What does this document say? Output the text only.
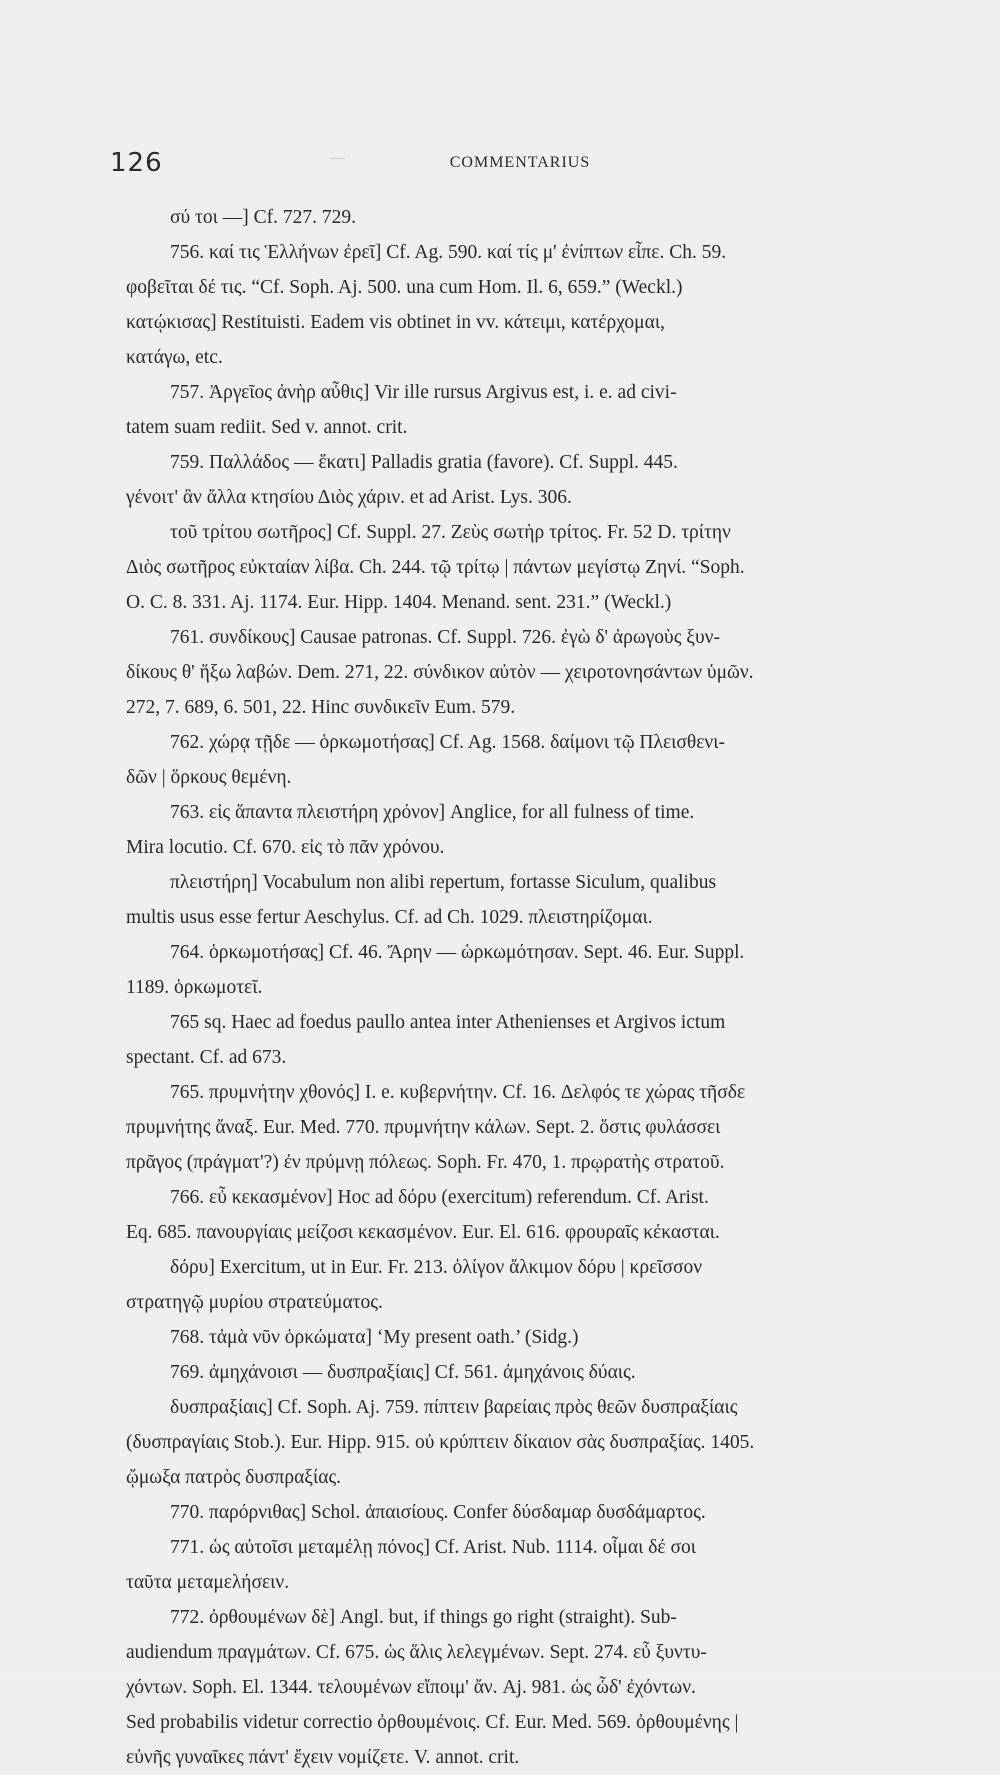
—
126	COMMENTARIUS
σύ τοι —] Cf. 727. 729.
756. καί τις Ἑλλήνων ἐρεῖ] Cf. Ag. 590. καί τίς μ' ἐνίπτων εἶπε. Ch. 59.
φοβεῖται δέ τις. “Cf. Soph. Aj. 500. una cum Hom. Il. 6, 659.” (Weckl.)
κατῴκισας] Restituisti. Eadem vis obtinet in vv. κάτειμι, κατέρχομαι,
κατάγω, etc.
757. Ἀργεῖος ἀνὴρ αὖθις] Vir ille rursus Argivus est, i. e. ad civi-
tatem suam rediit. Sed v. annot. crit.
759. Παλλάδος — ἕκατι] Palladis gratia (favore). Cf. Suppl. 445.
γένοιτ' ἂν ἄλλα κτησίου Διὸς χάριν. et ad Arist. Lys. 306.
τοῦ τρίτου σωτῆρος] Cf. Suppl. 27. Ζεὺς σωτὴρ τρίτος. Fr. 52 D. τρίτην
Διὸς σωτῆρος εὐκταίαν λίβα. Ch. 244. τῷ τρίτῳ | πάντων μεγίστῳ Ζηνί. “Soph.
O. C. 8. 331. Aj. 1174. Eur. Hipp. 1404. Menand. sent. 231.” (Weckl.)
761. συνδίκους] Causae patronas. Cf. Suppl. 726. ἐγὼ δ' ἀρωγοὺς ξυν-
δίκους θ' ἥξω λαβών. Dem. 271, 22. σύνδικον αὐτὸν — χειροτονησάντων ὑμῶν.
272, 7. 689, 6. 501, 22. Hinc συνδικεῖν Eum. 579.
762. χώρᾳ τῇδε — ὁρκωμοτήσας] Cf. Ag. 1568. δαίμονι τῷ Πλεισθενι-
δῶν | ὅρκους θεμένη.
763. εἰς ἅπαντα πλειστήρη χρόνον] Anglice, for all fulness of time.
Mira locutio. Cf. 670. εἰς τὸ πᾶν χρόνου.
πλειστήρη] Vocabulum non alibi repertum, fortasse Siculum, qualibus
multis usus esse fertur Aeschylus. Cf. ad Ch. 1029. πλειστηρίζομαι.
764. ὁρκωμοτήσας] Cf. 46. Ἄρην — ὡρκωμότησαν. Sept. 46. Eur. Suppl.
1189. ὁρκωμοτεῖ.
765 sq. Haec ad foedus paullo antea inter Athenienses et Argivos ictum
spectant. Cf. ad 673.
765. πρυμνήτην χθονός] I. e. κυβερνήτην. Cf. 16. Δελφός τε χώρας τῆσδε
πρυμνήτης ἄναξ. Eur. Med. 770. πρυμνήτην κάλων. Sept. 2. ὅστις φυλάσσει
πρᾶγος (πράγματ'?) ἐν πρύμνῃ πόλεως. Soph. Fr. 470, 1. πρῳρατὴς στρατοῦ.
766. εὖ κεκασμένον] Hoc ad δόρυ (exercitum) referendum. Cf. Arist.
Eq. 685. πανουργίαις μείζοσι κεκασμένον. Eur. El. 616. φρουραῖς κέκασται.
δόρυ] Exercitum, ut in Eur. Fr. 213. ὀλίγον ἄλκιμον δόρυ | κρεῖσσον
στρατηγῷ μυρίου στρατεύματος.
768. τἀμὰ νῦν ὁρκώματα] ‘My present oath.’ (Sidg.)
769. ἀμηχάνοισι — δυσπραξίαις] Cf. 561. ἀμηχάνοις δύαις.
δυσπραξίαις] Cf. Soph. Aj. 759. πίπτειν βαρείαις πρὸς θεῶν δυσπραξίαις
(δυσπραγίαις Stob.). Eur. Hipp. 915. οὐ κρύπτειν δίκαιον σὰς δυσπραξίας. 1405.
ᾤμωξα πατρὸς δυσπραξίας.
770. παρόρνιθας] Schol. ἀπαισίους. Confer δύσδαμαρ δυσδάμαρτος.
771. ὡς αὐτοῖσι μεταμέλῃ πόνος] Cf. Arist. Nub. 1114. οἶμαι δέ σοι
ταῦτα μεταμελήσειν.
772. ὀρθουμένων δὲ] Angl. but, if things go right (straight). Sub-
audiendum πραγμάτων. Cf. 675. ὡς ἅλις λελεγμένων. Sept. 274. εὖ ξυντυ-
χόντων. Soph. El. 1344. τελουμένων εἴποιμ' ἄν. Aj. 981. ὡς ὧδ' ἐχόντων.
Sed probabilis videtur correctio ὀρθουμένοις. Cf. Eur. Med. 569. ὀρθουμένης |
εὐνῆς γυναῖκες πάντ' ἔχειν νομίζετε. V. annot. crit.
